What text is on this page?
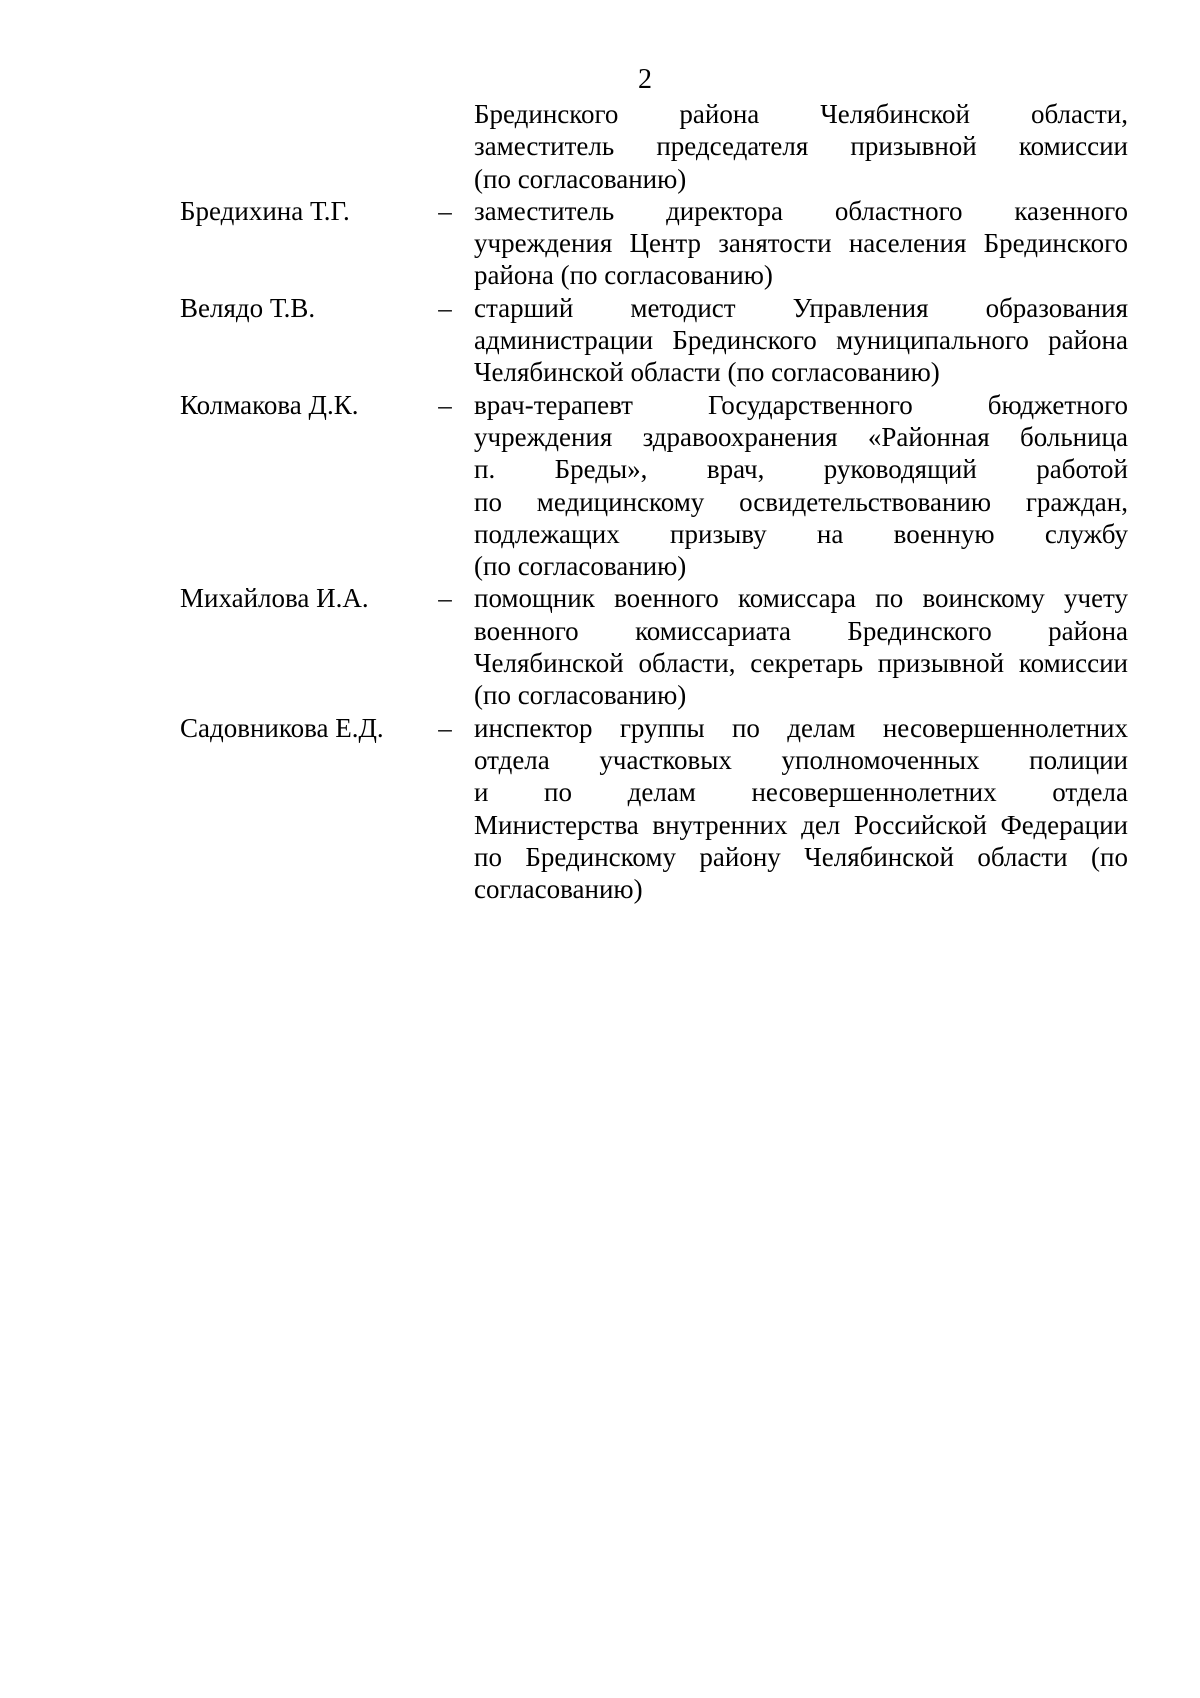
2
Брединского района Челябинской области,
заместитель председателя призывной комиссии
(по согласованию)
Бредихина Т.Г.	– заместитель директора областного казенного
учреждения Центр занятости населения Брединского
района (по согласованию)
Велядо Т.В.	– старший методист Управления образования
администрации Брединского муниципального района
Челябинской области (по согласованию)
Колмакова Д.К.	– врач-терапевт Государственного бюджетного
учреждения здравоохранения «Районная больница
п. Бреды», врач, руководящий работой
по медицинскому освидетельствованию граждан,
подлежащих призыву на военную службу
(по согласованию)
Михайлова И.А.	– помощник военного комиссара по воинскому учету
военного комиссариата Брединского района
Челябинской области, секретарь призывной комиссии
(по согласованию)
Садовникова Е.Д.	– инспектор группы по делам несовершеннолетних
отдела участковых уполномоченных полиции
и по делам несовершеннолетних отдела
Министерства внутренних дел Российской Федерации
по Брединскому району Челябинской области (по
согласованию)
